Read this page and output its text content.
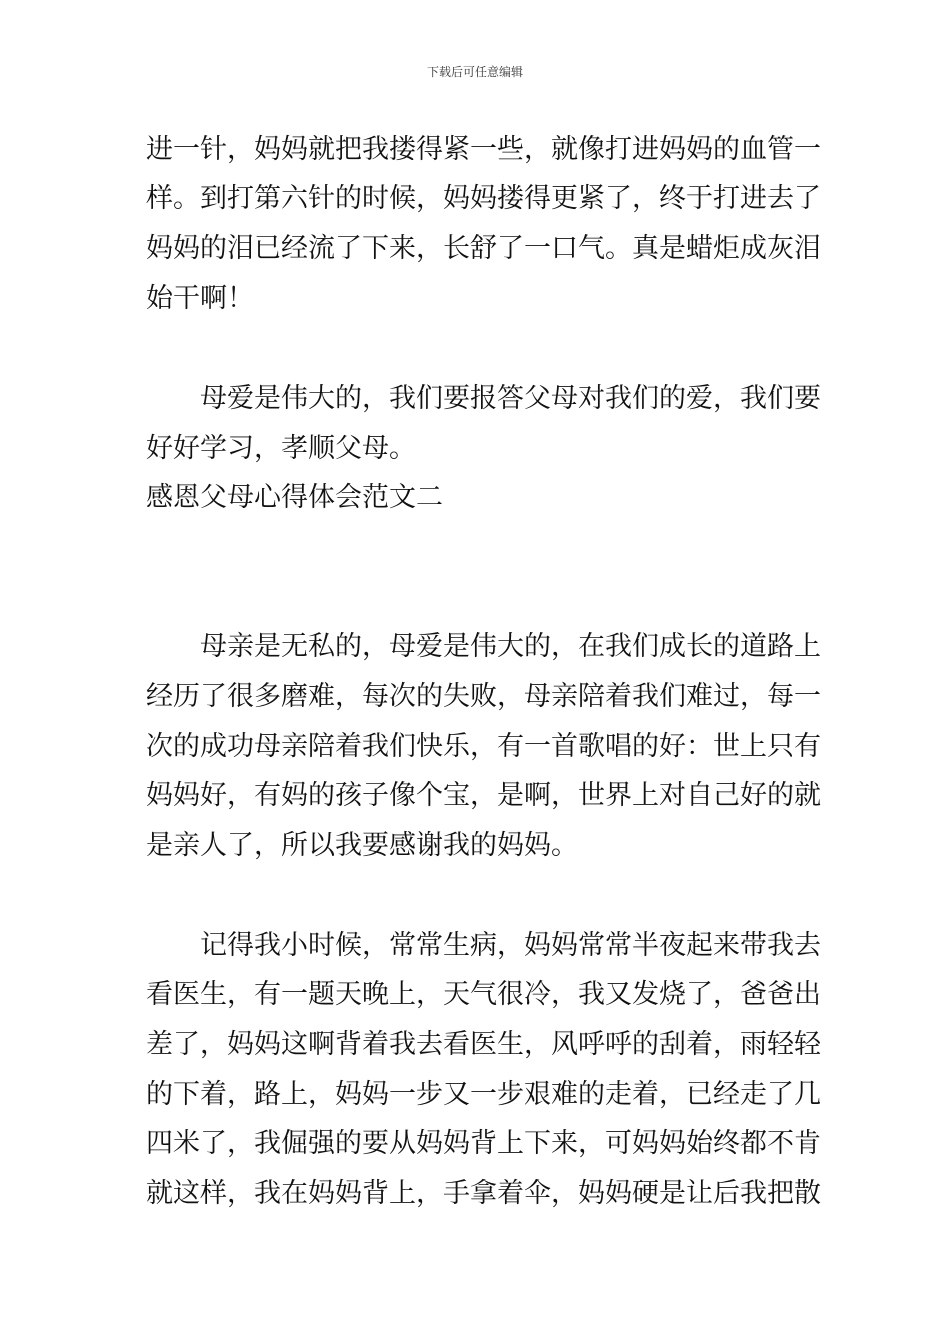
下载后可任意编辑
进一针，妈妈就把我搂得紧一些，就像打进妈妈的血管一
样。到打第六针的时候，妈妈搂得更紧了，终于打进去了
妈妈的泪已经流了下来，长舒了一口气。真是蜡炬成灰泪
始干啊！
母爱是伟大的，我们要报答父母对我们的爱，我们要
好好学习，孝顺父母。
感恩父母心得体会范文二
母亲是无私的，母爱是伟大的，在我们成长的道路上
经历了很多磨难，每次的失败，母亲陪着我们难过，每一
次的成功母亲陪着我们快乐，有一首歌唱的好：世上只有
妈妈好，有妈的孩子像个宝，是啊，世界上对自己好的就
是亲人了，所以我要感谢我的妈妈。
记得我小时候，常常生病，妈妈常常半夜起来带我去
看医生，有一题天晚上，天气很冷，我又发烧了，爸爸出
差了，妈妈这啊背着我去看医生，风呼呼的刮着，雨轻轻
的下着，路上，妈妈一步又一步艰难的走着，已经走了几
四米了，我倔强的要从妈妈背上下来，可妈妈始终都不肯
就这样，我在妈妈背上，手拿着伞，妈妈硬是让后我把散
